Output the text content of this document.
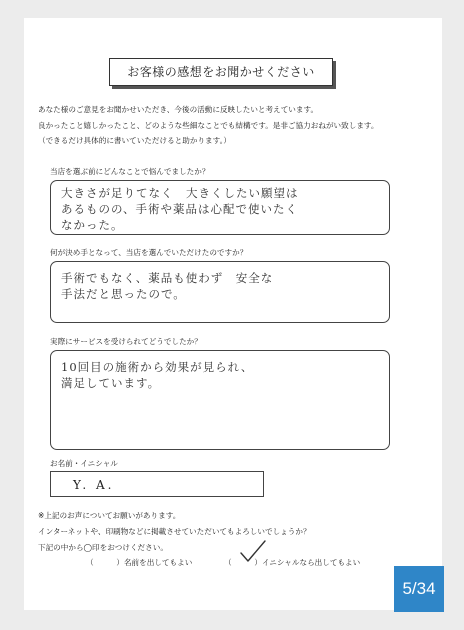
お客様の感想をお聞かせください
あなた様のご意見をお聞かせいただき、今後の活動に反映したいと考えています。
良かったこと嬉しかったこと、どのような些細なことでも結構です。是非ご協力おねがい致します。
（できるだけ具体的に書いていただけると助かります。）
当店を選ぶ前にどんなことで悩んでましたか？
大きさが足りてなく　大きくしたい願望は
あるものの、手術や薬品は心配で使いたく
なかった。
何が決め手となって、当店を選んでいただけたのですか？
手術でもなく、薬品も使わず　安全な
手法だと思ったので。
実際にサービスを受けられてどうでしたか？
10回目の施術から効果が見られ、
満足しています。
お名前・イニシャル
Y. A.
※上記のお声についてお願いがあります。
インターネットや、印刷物などに掲載させていただいてもよろしいでしょうか？
下記の中から◯印をおつけください。
（　　　）名前を出してもよい	（　　　）イニシャルなら出してもよい
5/34
